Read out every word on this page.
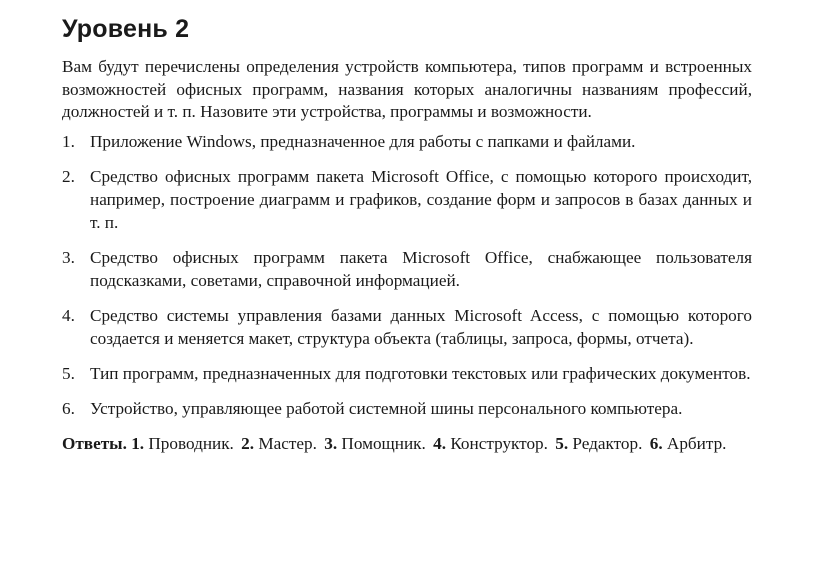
Уровень 2

Вам будут перечислены определения устройств компьютера, типов программ и встроенных возможностей офисных программ, названия которых аналогичны названиям профессий, должностей и т. п. Назовите эти устройства, программы и возможности.

1. Приложение Windows, предназначенное для работы с папками и файлами.
2. Средство офисных программ пакета Microsoft Office, с помощью которого происходит, например, построение диаграмм и графиков, создание форм и запросов в базах данных и т. п.
3. Средство офисных программ пакета Microsoft Office, снабжающее пользователя подсказками, советами, справочной информацией.
4. Средство системы управления базами данных Microsoft Access, с помощью которого создается и меняется макет, структура объекта (таблицы, запроса, формы, отчета).
5. Тип программ, предназначенных для подготовки текстовых или графических документов.
6. Устройство, управляющее работой системной шины персонального компьютера.
Ответы. 1. Проводник. 2. Мастер. 3. Помощник. 4. Конструктор. 5. Редактор. 6. Арбитр.
